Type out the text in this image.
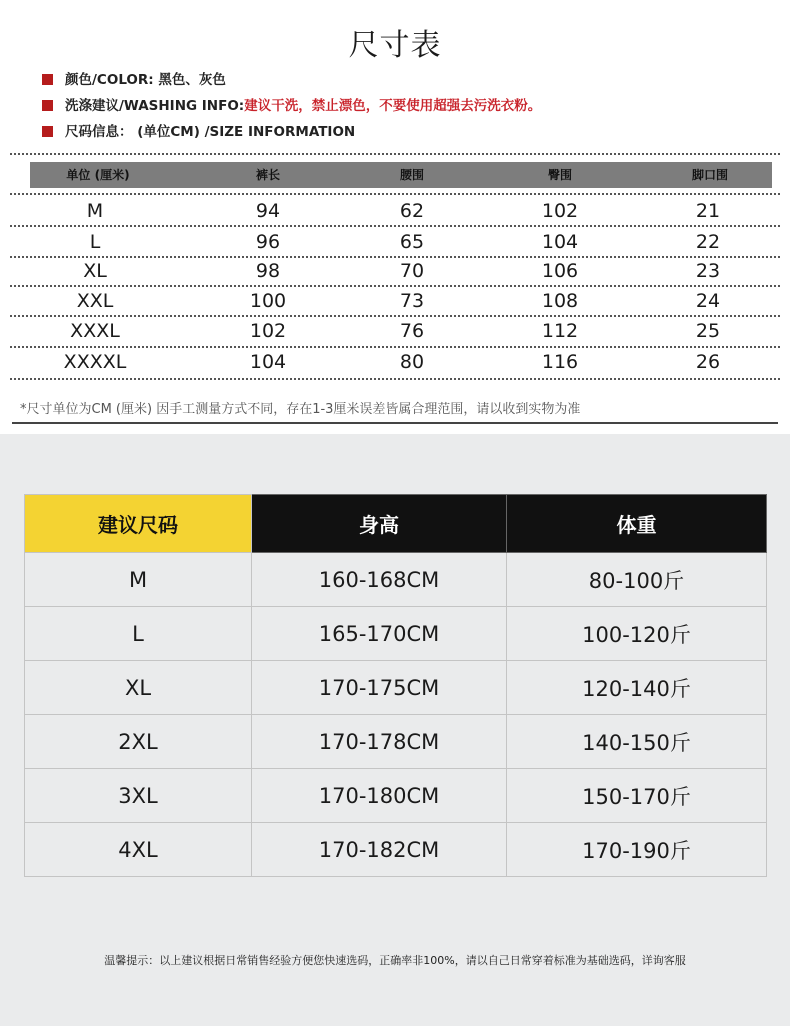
尺寸表
颜色/COLOR: 黑色、灰色
洗涤建议/WASHING INFO:建议干洗，禁止漂色，不要使用超强去污洗衣粉。
尺码信息： (单位CM) /SIZE INFORMATION
单位 (厘米)	裤长	腰围	臀围	脚口围
M	94	62	102	21
L	96	65	104	22
XL	98	70	106	23
XXL	100	73	108	24
XXXL	102	76	112	25
XXXXL	104	80	116	26
*尺寸单位为CM (厘米) 因手工测量方式不同，存在1-3厘米误差皆属合理范围，请以收到实物为准
建议尺码	身高	体重
M	160-168CM	80-100斤
L	165-170CM	100-120斤
XL	170-175CM	120-140斤
2XL	170-178CM	140-150斤
3XL	170-180CM	150-170斤
4XL	170-182CM	170-190斤
温馨提示：以上建议根据日常销售经验方便您快速选码，正确率非100%，请以自己日常穿着标准为基础选码，详询客服
